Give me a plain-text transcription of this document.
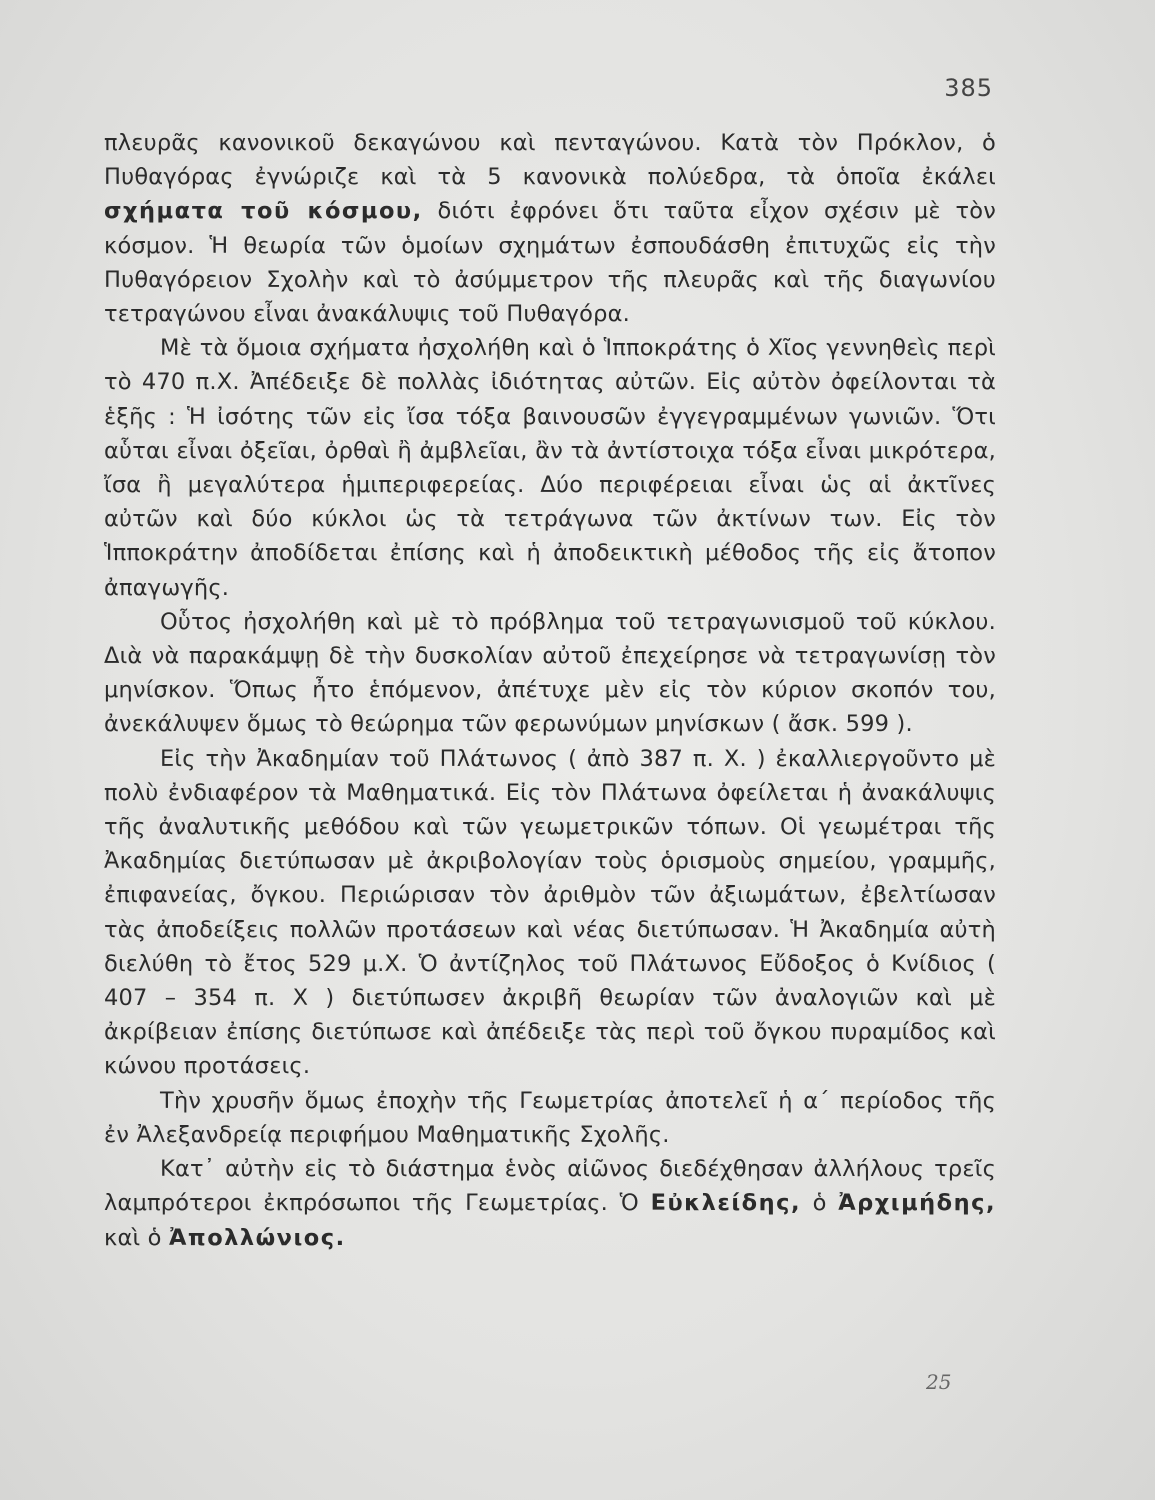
385

πλευρᾶς κανονικοῦ δεκαγώνου καὶ πενταγώνου. Κατὰ τὸν Πρόκλον, ὁ Πυθαγόρας ἐγνώριζε καὶ τὰ 5 κανονικὰ πολύεδρα, τὰ ὁποῖα ἐκάλει σχήματα τοῦ κόσμου, διότι ἐφρόνει ὅτι ταῦτα εἶχον σχέσιν μὲ τὸν κόσμον. Ἡ θεωρία τῶν ὁμοίων σχημάτων ἐσπουδάσθη ἐπιτυχῶς εἰς τὴν Πυθαγόρειον Σχολὴν καὶ τὸ ἀσύμμετρον τῆς πλευρᾶς καὶ τῆς διαγωνίου τετραγώνου εἶναι ἀνακάλυψις τοῦ Πυθαγόρα.

Μὲ τὰ ὅμοια σχήματα ἠσχολήθη καὶ ὁ Ἱπποκράτης ὁ Χῖος γεννηθεὶς περὶ τὸ 470 π.Χ. Ἀπέδειξε δὲ πολλὰς ἰδιότητας αὐτῶν. Εἰς αὐτὸν ὀφείλονται τὰ ἑξῆς : Ἡ ἰσότης τῶν εἰς ἴσα τόξα βαινουσῶν ἐγγεγραμμένων γωνιῶν. Ὅτι αὗται εἶναι ὀξεῖαι, ὀρθαὶ ἢ ἀμβλεῖαι, ἂν τὰ ἀντίστοιχα τόξα εἶναι μικρότερα, ἴσα ἢ μεγαλύτερα ἡμιπεριφερείας. Δύο περιφέρειαι εἶναι ὡς αἱ ἀκτῖνες αὐτῶν καὶ δύο κύκλοι ὡς τὰ τετράγωνα τῶν ἀκτίνων των. Εἰς τὸν Ἱπποκράτην ἀποδίδεται ἐπίσης καὶ ἡ ἀποδεικτικὴ μέθοδος τῆς εἰς ἄτοπον ἀπαγωγῆς.

Οὗτος ἠσχολήθη καὶ μὲ τὸ πρόβλημα τοῦ τετραγωνισμοῦ τοῦ κύκλου. Διὰ νὰ παρακάμψῃ δὲ τὴν δυσκολίαν αὐτοῦ ἐπεχείρησε νὰ τετραγωνίσῃ τὸν μηνίσκον. Ὅπως ἦτο ἑπόμενον, ἀπέτυχε μὲν εἰς τὸν κύριον σκοπόν του, ἀνεκάλυψεν ὅμως τὸ θεώρημα τῶν φερωνύμων μηνίσκων ( ἄσκ. 599 ).

Εἰς τὴν Ἀκαδημίαν τοῦ Πλάτωνος ( ἀπὸ 387 π. Χ. ) ἐκαλλιεργοῦντο μὲ πολὺ ἐνδιαφέρον τὰ Μαθηματικά. Εἰς τὸν Πλάτωνα ὀφείλεται ἡ ἀνακάλυψις τῆς ἀναλυτικῆς μεθόδου καὶ τῶν γεωμετρικῶν τόπων. Οἱ γεωμέτραι τῆς Ἀκαδημίας διετύπωσαν μὲ ἀκριβολογίαν τοὺς ὁρισμοὺς σημείου, γραμμῆς, ἐπιφανείας, ὄγκου. Περιώρισαν τὸν ἀριθμὸν τῶν ἀξιωμάτων, ἐβελτίωσαν τὰς ἀποδείξεις πολλῶν προτάσεων καὶ νέας διετύπωσαν. Ἡ Ἀκαδημία αὐτὴ διελύθη τὸ ἔτος 529 μ.Χ. Ὁ ἀντίζηλος τοῦ Πλάτωνος Εὔδοξος ὁ Κνίδιος ( 407 – 354 π. Χ ) διετύπωσεν ἀκριβῆ θεωρίαν τῶν ἀναλογιῶν καὶ μὲ ἀκρίβειαν ἐπίσης διετύπωσε καὶ ἀπέδειξε τὰς περὶ τοῦ ὄγκου πυραμίδος καὶ κώνου προτάσεις.

Τὴν χρυσῆν ὅμως ἐποχὴν τῆς Γεωμετρίας ἀποτελεῖ ἡ α΄ περίοδος τῆς ἐν Ἀλεξανδρείᾳ περιφήμου Μαθηματικῆς Σχολῆς.

Κατ᾿ αὐτὴν εἰς τὸ διάστημα ἑνὸς αἰῶνος διεδέχθησαν ἀλλήλους τρεῖς λαμπρότεροι ἐκπρόσωποι τῆς Γεωμετρίας. Ὁ Εὐκλείδης, ὁ Ἀρχιμήδης, καὶ ὁ Ἀπολλώνιος.

25
